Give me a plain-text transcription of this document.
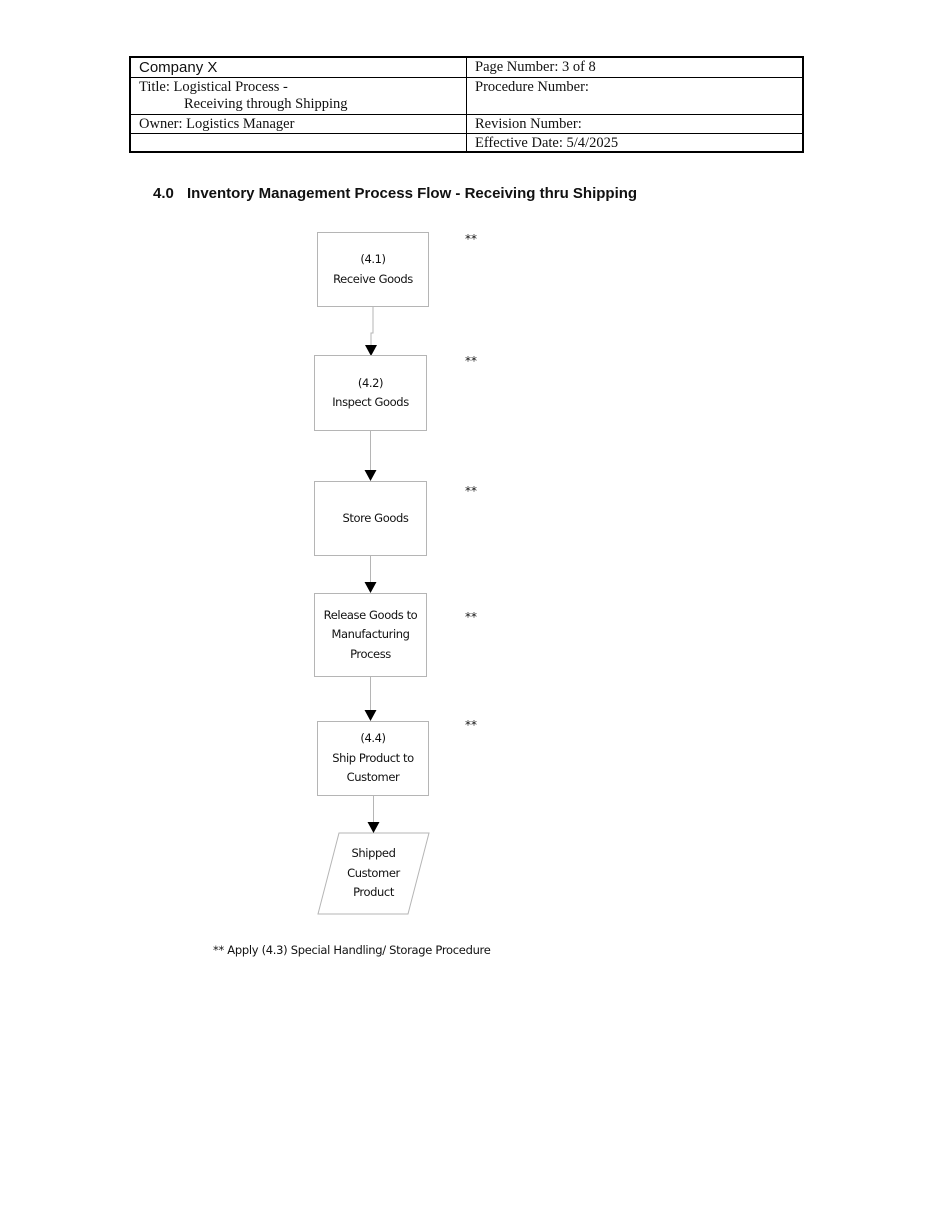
Company X	Page Number: 3 of 8
Title: Logistical Process -
Receiving through Shipping
Procedure Number:
Owner: Logistics Manager	Revision Number:
Effective Date: 5/4/2025
4.0 Inventory Management Process Flow - Receiving thru Shipping
(4.1)
Receive Goods
(4.2)
Inspect Goods
Store Goods
Release Goods to
Manufacturing
Process
(4.4)
Ship Product to
Customer
Shipped
Customer
Product
**
**
**
**
**
** Apply (4.3) Special Handling/ Storage Procedure
